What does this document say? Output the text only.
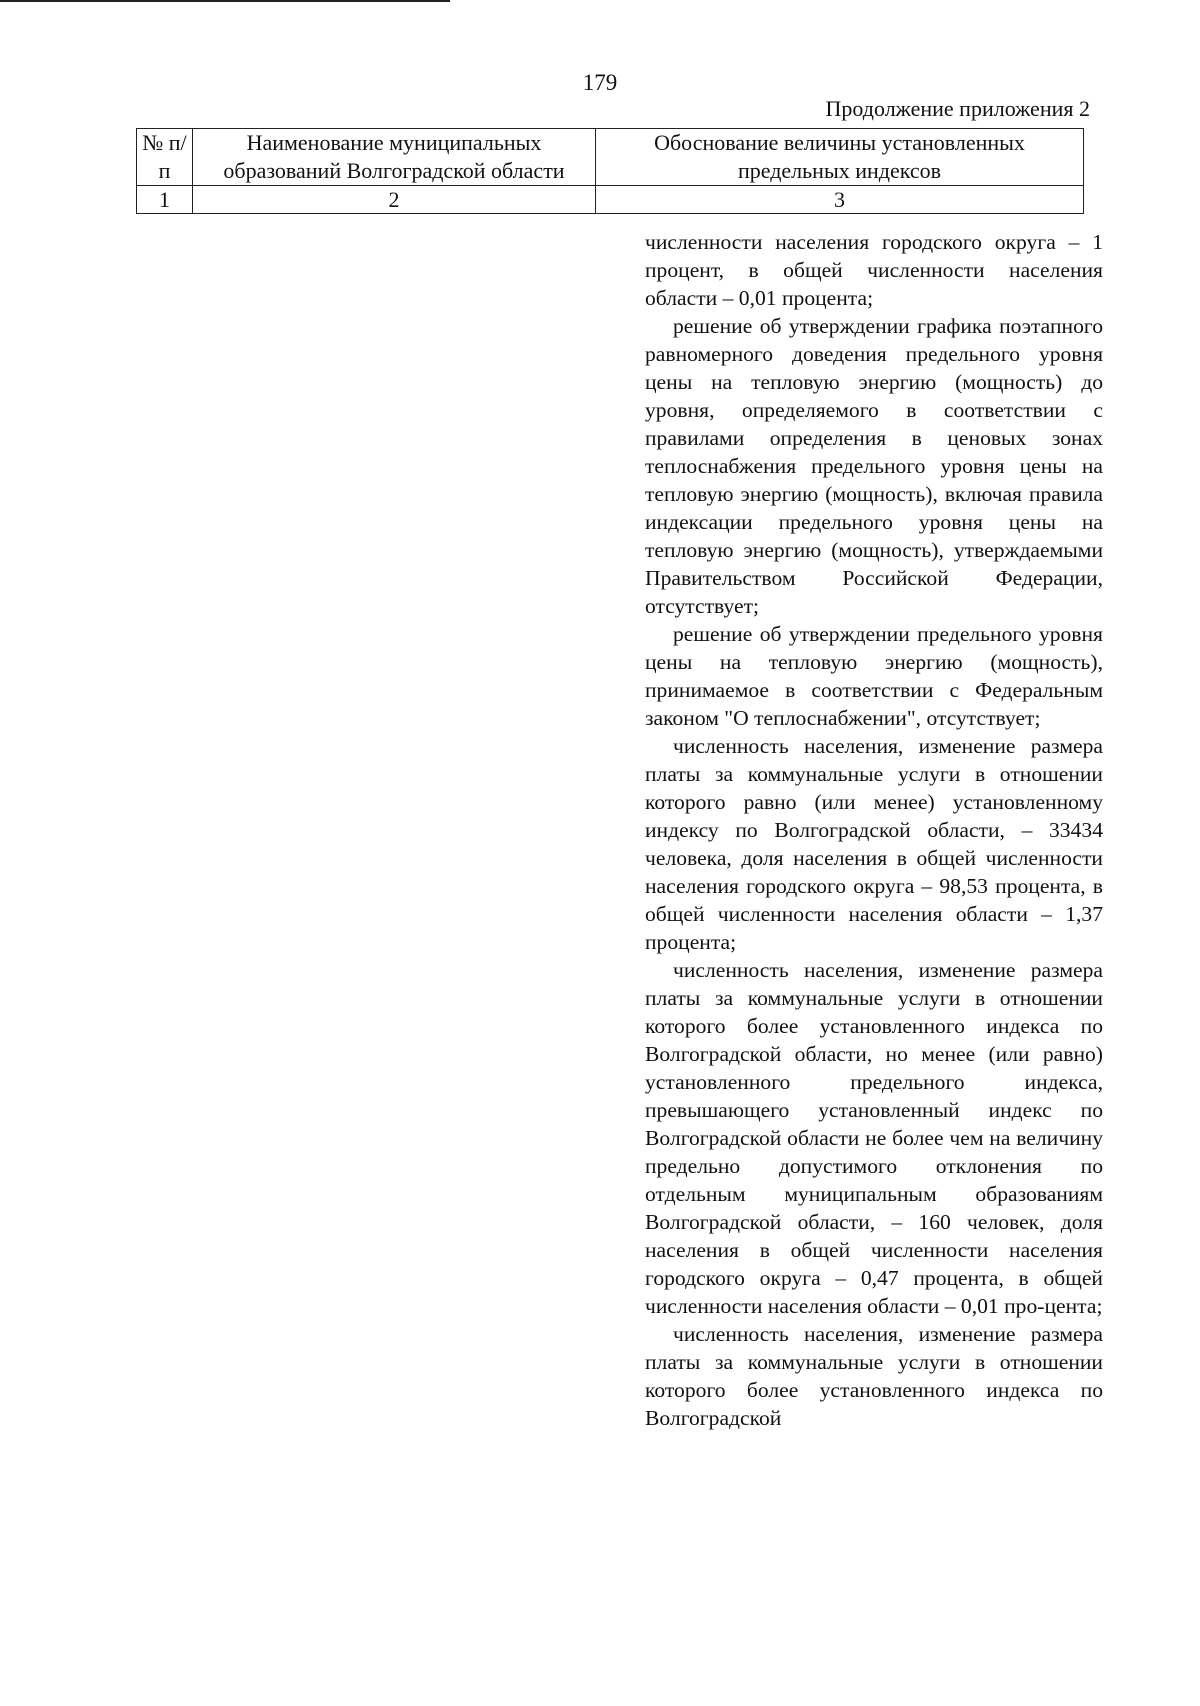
179
Продолжение приложения 2
№ п/п	Наименование муниципальных образований Волгоградской области	Обоснование величины установленных предельных индексов

1	2	3

численности населения городского округа – 1 процент, в общей численности населения области – 0,01 процента;

решение об утверждении графика поэтапного равномерного доведения предельного уровня цены на тепловую энергию (мощность) до уровня, определяемого в соответствии с правилами определения в ценовых зонах теплоснабжения предельного уровня цены на тепловую энергию (мощность), включая правила индексации предельного уровня цены на тепловую энергию (мощность), утверждаемыми Правительством Российской Федерации, отсутствует;

решение об утверждении предельного уровня цены на тепловую энергию (мощность), принимаемое в соответствии с Федеральным законом "О теплоснабжении", отсутствует;

численность населения, изменение размера платы за коммунальные услуги в отношении которого равно (или менее) установленному индексу по Волгоградской области, – 33434 человека, доля населения в общей численности населения городского округа – 98,53 процента, в общей численности населения области – 1,37 процента;

численность населения, изменение размера платы за коммунальные услуги в отношении которого более установленного индекса по Волгоградской области, но менее (или равно) установленного предельного индекса, превышающего установленный индекс по Волгоградской области не более чем на величину предельно допустимого отклонения по отдельным муниципальным образованиям Волгоградской области, – 160 человек, доля населения в общей численности населения городского округа – 0,47 процента, в общей численности населения области – 0,01 про-цента;

численность населения, изменение размера платы за коммунальные услуги в отношении которого более установленного индекса по Волгоградской
